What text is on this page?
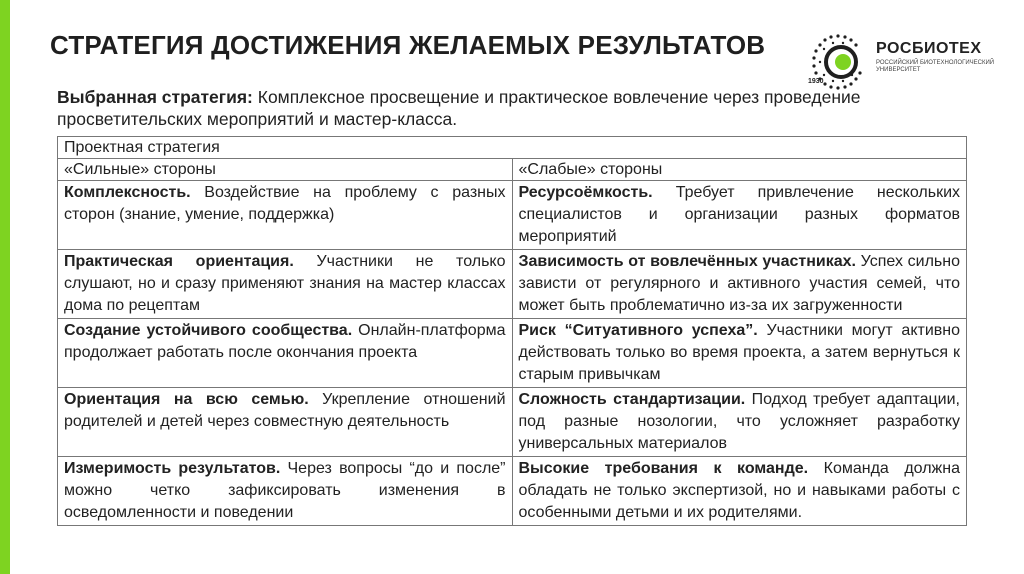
СТРАТЕГИЯ ДОСТИЖЕНИЯ ЖЕЛАЕМЫХ РЕЗУЛЬТАТОВ	РОСБИОТЕХ
РОССИЙСКИЙ БИОТЕХНОЛОГИЧЕСКИЙ УНИВЕРСИТЕТ
1930

Выбранная стратегия: Комплексное просвещение и практическое вовлечение через проведение просветительских мероприятий и мастер-класса.

Проектная стратегия	
«Сильные» стороны	«Слабые» стороны
Комплексность. Воздействие на проблему с разных сторон (знание, умение, поддержка)	Ресурсоёмкость. Требует привлечение нескольких специалистов и организации разных форматов мероприятий
Практическая ориентация. Участники не только слушают, но и сразу применяют знания на мастер классах дома по рецептам	Зависимость от вовлечённых участниках. Успех сильно зависти от регулярного и активного участия семей, что может быть проблематично из-за их загруженности
Создание устойчивого сообщества. Онлайн-платформа продолжает работать после окончания проекта	Риск “Ситуативного успеха”. Участники могут активно действовать только во время проекта, а затем вернуться к старым привычкам
Ориентация на всю семью. Укрепление отношений родителей и детей через совместную деятельность	Сложность стандартизации. Подход требует адаптации, под разные нозологии, что усложняет разработку универсальных материалов
Измеримость результатов. Через вопросы “до и после” можно четко зафиксировать изменения в осведомленности и поведении	Высокие требования к команде. Команда должна обладать не только экспертизой, но и навыками работы с особенными детьми и их родителями.
